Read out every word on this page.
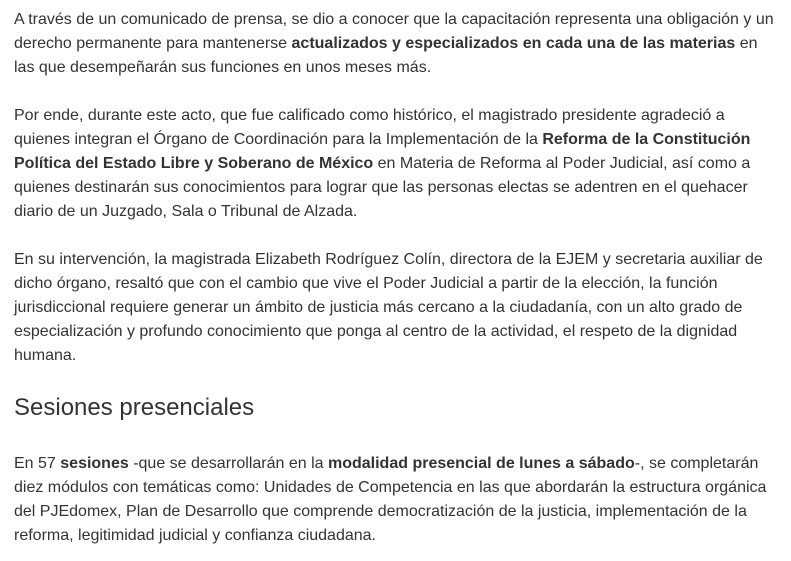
A través de un comunicado de prensa, se dio a conocer que la capacitación representa una obligación y un derecho permanente para mantenerse actualizados y especializados en cada una de las materias en las que desempeñarán sus funciones en unos meses más.

Por ende, durante este acto, que fue calificado como histórico, el magistrado presidente agradeció a quienes integran el Órgano de Coordinación para la Implementación de la Reforma de la Constitución Política del Estado Libre y Soberano de México en Materia de Reforma al Poder Judicial, así como a quienes destinarán sus conocimientos para lograr que las personas electas se adentren en el quehacer diario de un Juzgado, Sala o Tribunal de Alzada.

En su intervención, la magistrada Elizabeth Rodríguez Colín, directora de la EJEM y secretaria auxiliar de dicho órgano, resaltó que con el cambio que vive el Poder Judicial a partir de la elección, la función jurisdiccional requiere generar un ámbito de justicia más cercano a la ciudadanía, con un alto grado de especialización y profundo conocimiento que ponga al centro de la actividad, el respeto de la dignidad humana.

Sesiones presenciales

En 57 sesiones -que se desarrollarán en la modalidad presencial de lunes a sábado-, se completarán diez módulos con temáticas como: Unidades de Competencia en las que abordarán la estructura orgánica del PJEdomex, Plan de Desarrollo que comprende democratización de la justicia, implementación de la reforma, legitimidad judicial y confianza ciudadana.
